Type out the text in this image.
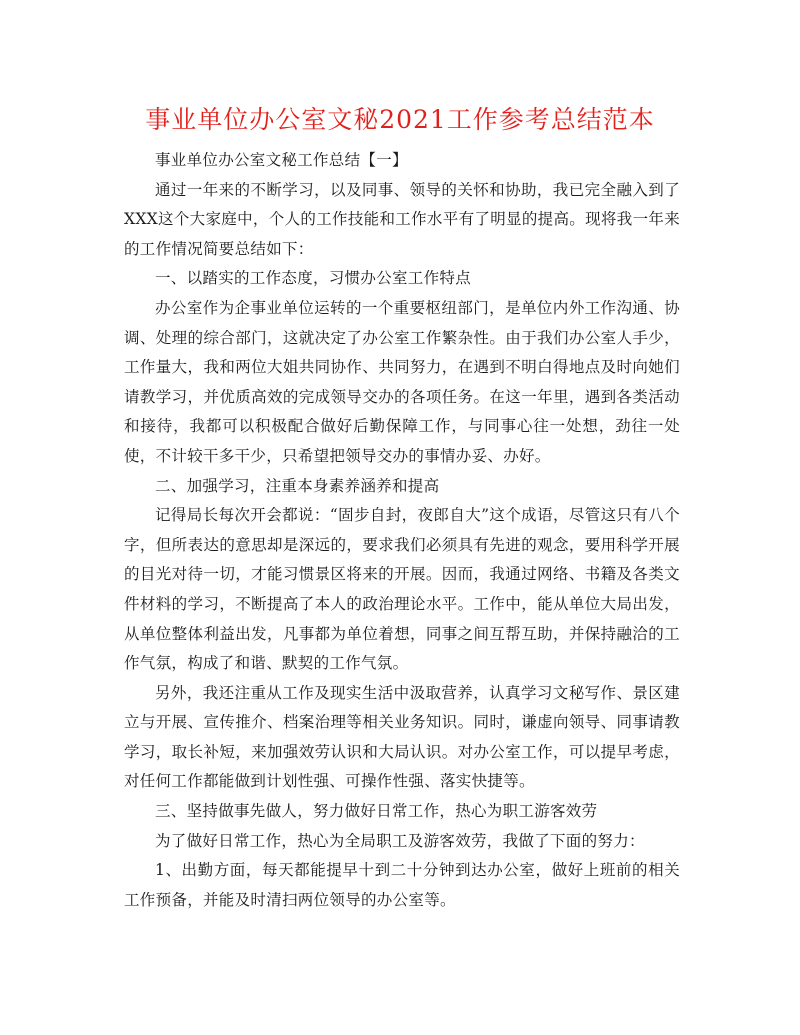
事业单位办公室文秘2021工作参考总结范本

事业单位办公室文秘工作总结【一】

通过一年来的不断学习，以及同事、领导的关怀和协助，我已完全融入到了XXX这个大家庭中，个人的工作技能和工作水平有了明显的提高。现将我一年来的工作情况简要总结如下：

一、以踏实的工作态度，习惯办公室工作特点

办公室作为企事业单位运转的一个重要枢纽部门，是单位内外工作沟通、协调、处理的综合部门，这就决定了办公室工作繁杂性。由于我们办公室人手少，工作量大，我和两位大姐共同协作、共同努力，在遇到不明白得地点及时向她们请教学习，并优质高效的完成领导交办的各项任务。在这一年里，遇到各类活动和接待，我都可以积极配合做好后勤保障工作，与同事心往一处想，劲往一处使，不计较干多干少，只希望把领导交办的事情办妥、办好。

二、加强学习，注重本身素养涵养和提高

记得局长每次开会都说：“固步自封，夜郎自大”这个成语，尽管这只有八个字，但所表达的意思却是深远的，要求我们必须具有先进的观念，要用科学开展的目光对待一切，才能习惯景区将来的开展。因而，我通过网络、书籍及各类文件材料的学习，不断提高了本人的政治理论水平。工作中，能从单位大局出发，从单位整体利益出发，凡事都为单位着想，同事之间互帮互助，并保持融洽的工作气氛，构成了和谐、默契的工作气氛。

另外，我还注重从工作及现实生活中汲取营养，认真学习文秘写作、景区建立与开展、宣传推介、档案治理等相关业务知识。同时，谦虚向领导、同事请教学习，取长补短，来加强效劳认识和大局认识。对办公室工作，可以提早考虑，对任何工作都能做到计划性强、可操作性强、落实快捷等。

三、坚持做事先做人，努力做好日常工作，热心为职工游客效劳

为了做好日常工作，热心为全局职工及游客效劳，我做了下面的努力：

1、出勤方面，每天都能提早十到二十分钟到达办公室，做好上班前的相关工作预备，并能及时清扫两位领导的办公室等。
